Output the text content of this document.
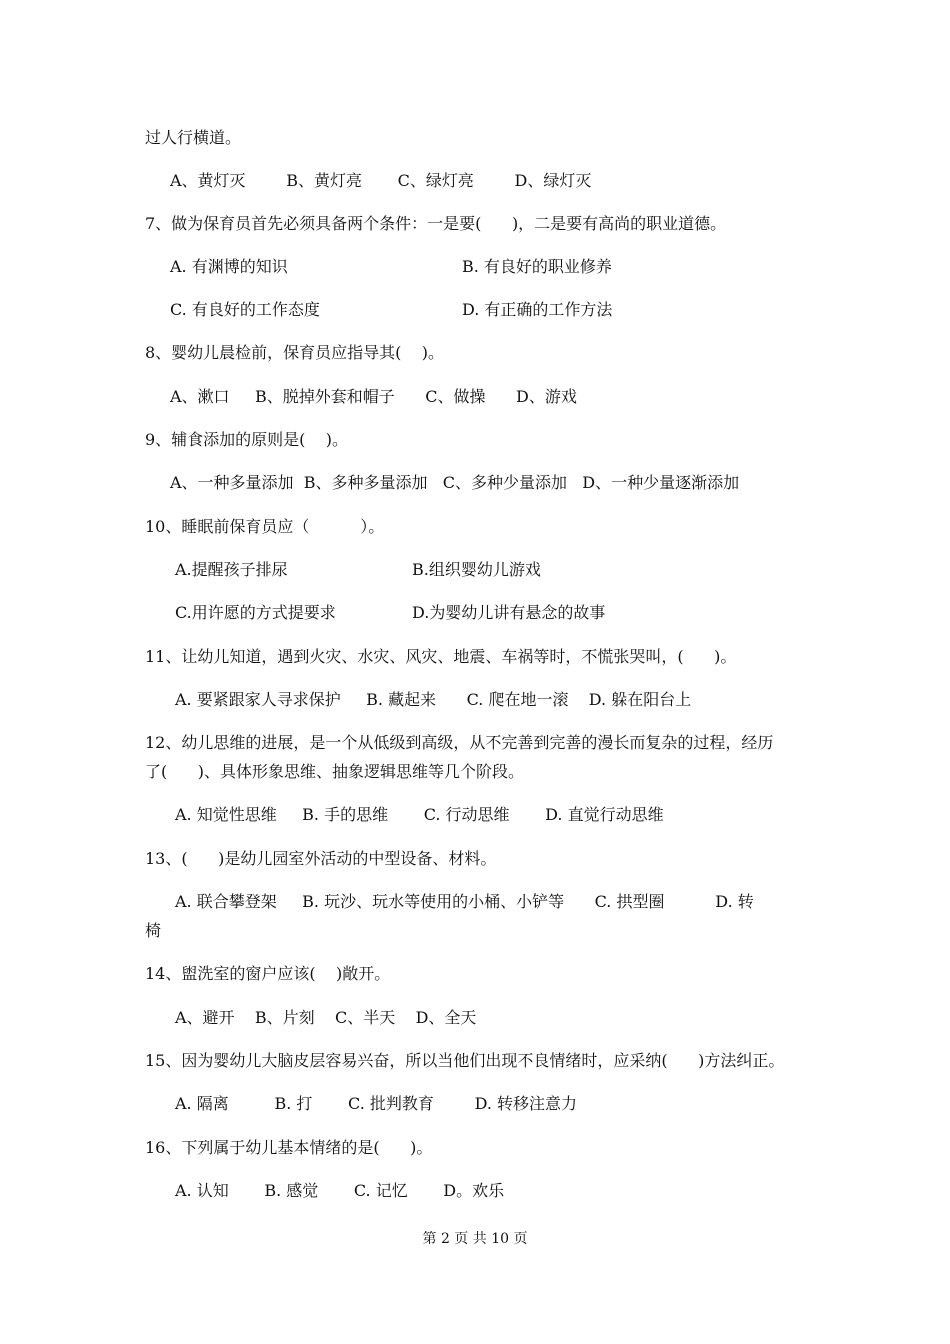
过人行横道。
A、黄灯灭        B、黄灯亮       C、绿灯亮        D、绿灯灭
7、做为保育员首先必须具备两个条件：一是要(      )，二是要有高尚的职业道德。
A. 有渊博的知识	B. 有良好的职业修养
C. 有良好的工作态度	D. 有正确的工作方法
8、婴幼儿晨检前，保育员应指导其(    )。
A、漱口     B、脱掉外套和帽子      C、做操      D、游戏
9、辅食添加的原则是(    )。
A、一种多量添加  B、多种多量添加   C、多种少量添加   D、一种少量逐渐添加
10、睡眠前保育员应（          ）。
A.提醒孩子排尿	B.组织婴幼儿游戏
C.用许愿的方式提要求	D.为婴幼儿讲有悬念的故事
11、让幼儿知道，遇到火灾、水灾、风灾、地震、车祸等时，不慌张哭叫，(      )。
A. 要紧跟家人寻求保护     B. 藏起来      C. 爬在地一滚    D. 躲在阳台上
12、幼儿思维的进展，是一个从低级到高级，从不完善到完善的漫长而复杂的过程，经历
了(      )、具体形象思维、抽象逻辑思维等几个阶段。
A. 知觉性思维     B. 手的思维       C. 行动思维       D. 直觉行动思维
13、(      )是幼儿园室外活动的中型设备、材料。
A. 联合攀登架     B. 玩沙、玩水等使用的小桶、小铲等      C. 拱型圈          D. 转
椅
14、盥洗室的窗户应该(    )敞开。
A、避开    B、片刻    C、半天    D、全天
15、因为婴幼儿大脑皮层容易兴奋，所以当他们出现不良情绪时，应采纳(      )方法纠正。
A. 隔离         B. 打       C. 批判教育        D. 转移注意力
16、下列属于幼儿基本情绪的是(      )。
A. 认知       B. 感觉       C. 记忆       D。欢乐
第 2 页 共 10 页
